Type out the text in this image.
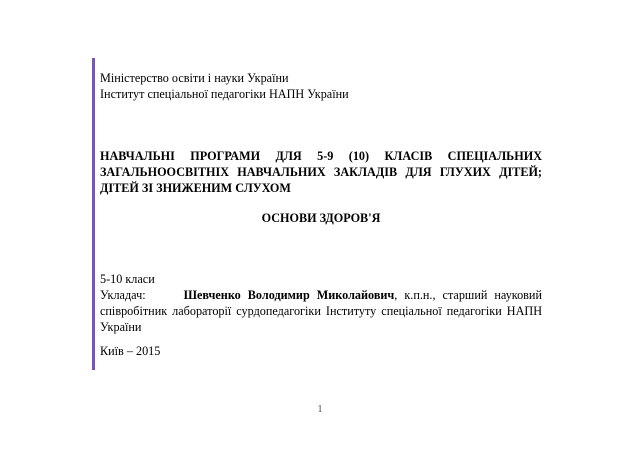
Міністерство освіти і науки України
Інститут спеціальної педагогіки НАПН України
НАВЧАЛЬНІ ПРОГРАМИ ДЛЯ 5-9 (10) КЛАСІВ СПЕЦІАЛЬНИХ ЗАГАЛЬНООСВІТНІХ НАВЧАЛЬНИХ ЗАКЛАДІВ ДЛЯ ГЛУХИХ ДІТЕЙ; ДІТЕЙ ЗІ ЗНИЖЕНИМ СЛУХОМ
ОСНОВИ ЗДОРОВ'Я
5-10 класи
Укладач:	Шевченко Володимир Миколайович, к.п.н., старший науковий співробітник лабораторії сурдопедагогіки Інституту спеціальної педагогіки НАПН України
Київ – 2015
1
